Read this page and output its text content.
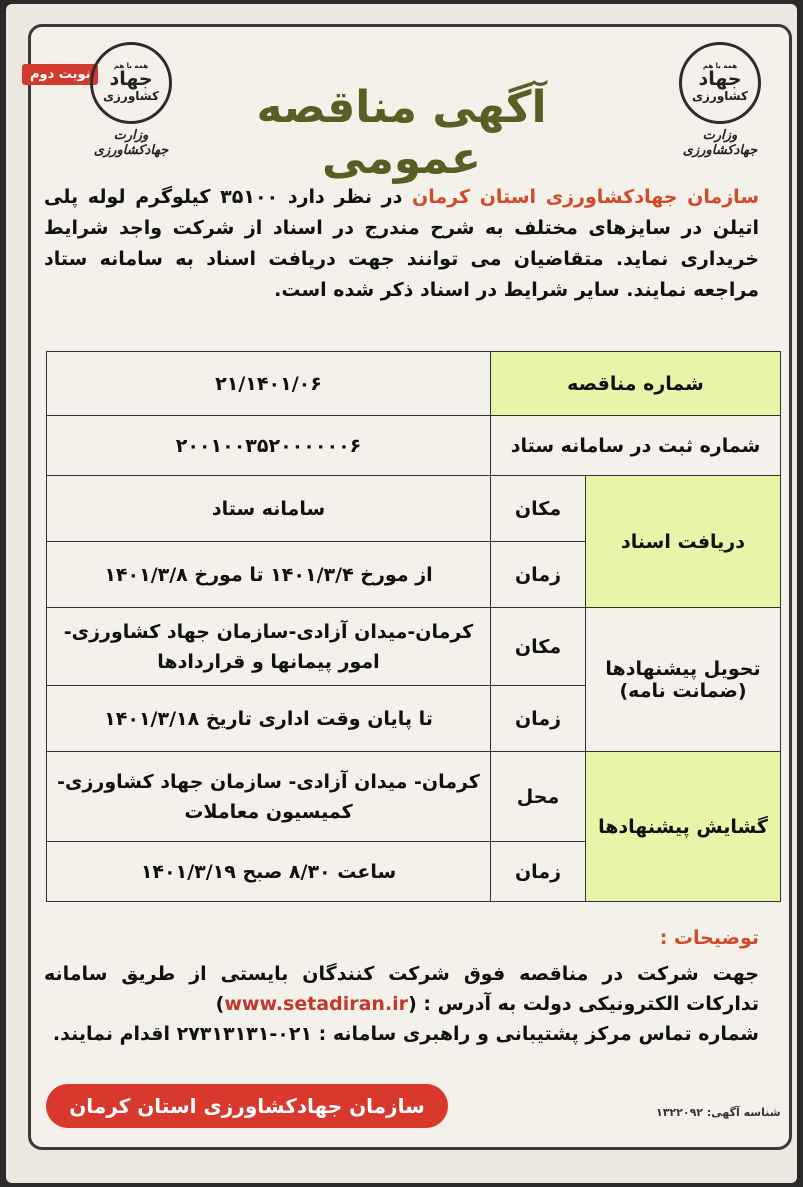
نوبت دوم
همه با هم
جهاد
کشاورزی
وزارت جهادکشاورزی
همه با هم
جهاد
کشاورزی
وزارت جهادکشاورزی
آگهی مناقصه عمومی
سازمان جهادکشاورزی استان کرمان در نظر دارد ۳۵۱۰۰ کیلوگرم لوله پلی اتیلن در سایزهای مختلف به شرح مندرج در اسناد از شرکت واجد شرایط خریداری نماید. متقاضیان می توانند جهت دریافت اسناد به سامانه ستاد مراجعه نمایند. سایر شرایط در اسناد ذکر شده است.
شماره مناقصه		۲۱/۱۴۰۱/۰۶
شماره ثبت در سامانه ستاد		۲۰۰۱۰۰۳۵۲۰۰۰۰۰۰۶
دریافت اسناد	مکان	سامانه ستاد
	زمان	از مورخ ۱۴۰۱/۳/۴ تا مورخ ۱۴۰۱/۳/۸
تحویل پیشنهادها (ضمانت نامه)	مکان	کرمان-میدان آزادی-سازمان جهاد کشاورزی- امور پیمانها و قراردادها
	زمان	تا پایان وقت اداری تاریخ ۱۴۰۱/۳/۱۸
گشایش پیشنهادها	محل	کرمان- میدان آزادی- سازمان جهاد کشاورزی-کمیسیون معاملات
	زمان	ساعت ۸/۳۰ صبح ۱۴۰۱/۳/۱۹
توضیحات :
جهت شرکت در مناقصه فوق شرکت کنندگان بایستی از طریق سامانه تدارکات الکترونیکی دولت به آدرس : (www.setadiran.ir)
شماره تماس مرکز پشتیبانی و راهبری سامانه : ۰۲۱-۲۷۳۱۳۱۳۱ اقدام نمایند.
سازمان جهادکشاورزی استان کرمان	شناسه آگهی: ۱۳۲۲۰۹۲
